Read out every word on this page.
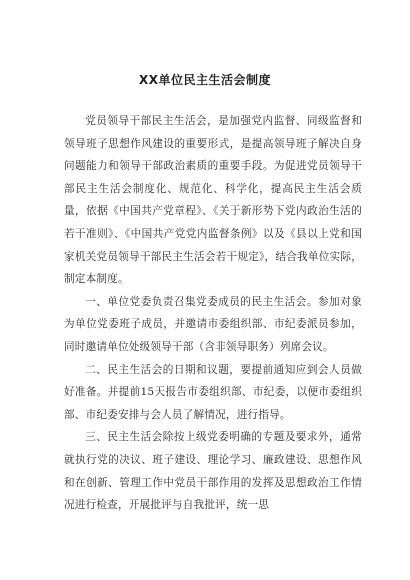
XX单位民主生活会制度

党员领导干部民主生活会，是加强党内监督、同级监督和领导班子思想作风建设的重要形式，是提高领导班子解决自身问题能力和领导干部政治素质的重要手段。为促进党员领导干部民主生活会制度化、规范化、科学化，提高民主生活会质量，依据《中国共产党章程》、《关于新形势下党内政治生活的若干准则》、《中国共产党党内监督条例》以及《县以上党和国家机关党员领导干部民主生活会若干规定》，结合我单位实际，制定本制度。

一、单位党委负责召集党委成员的民主生活会。参加对象为单位党委班子成员，并邀请市委组织部、市纪委派员参加，同时邀请单位处级领导干部（含非领导职务）列席会议。

二、民主生活会的日期和议题，要提前通知应到会人员做好准备。并提前15天报告市委组织部、市纪委，以便市委组织部、市纪委安排与会人员了解情况，进行指导。

三、民主生活会除按上级党委明确的专题及要求外，通常就执行党的决议、班子建设、理论学习、廉政建设、思想作风和在创新、管理工作中党员干部作用的发挥及思想政治工作情况进行检查，开展批评与自我批评，统一思
